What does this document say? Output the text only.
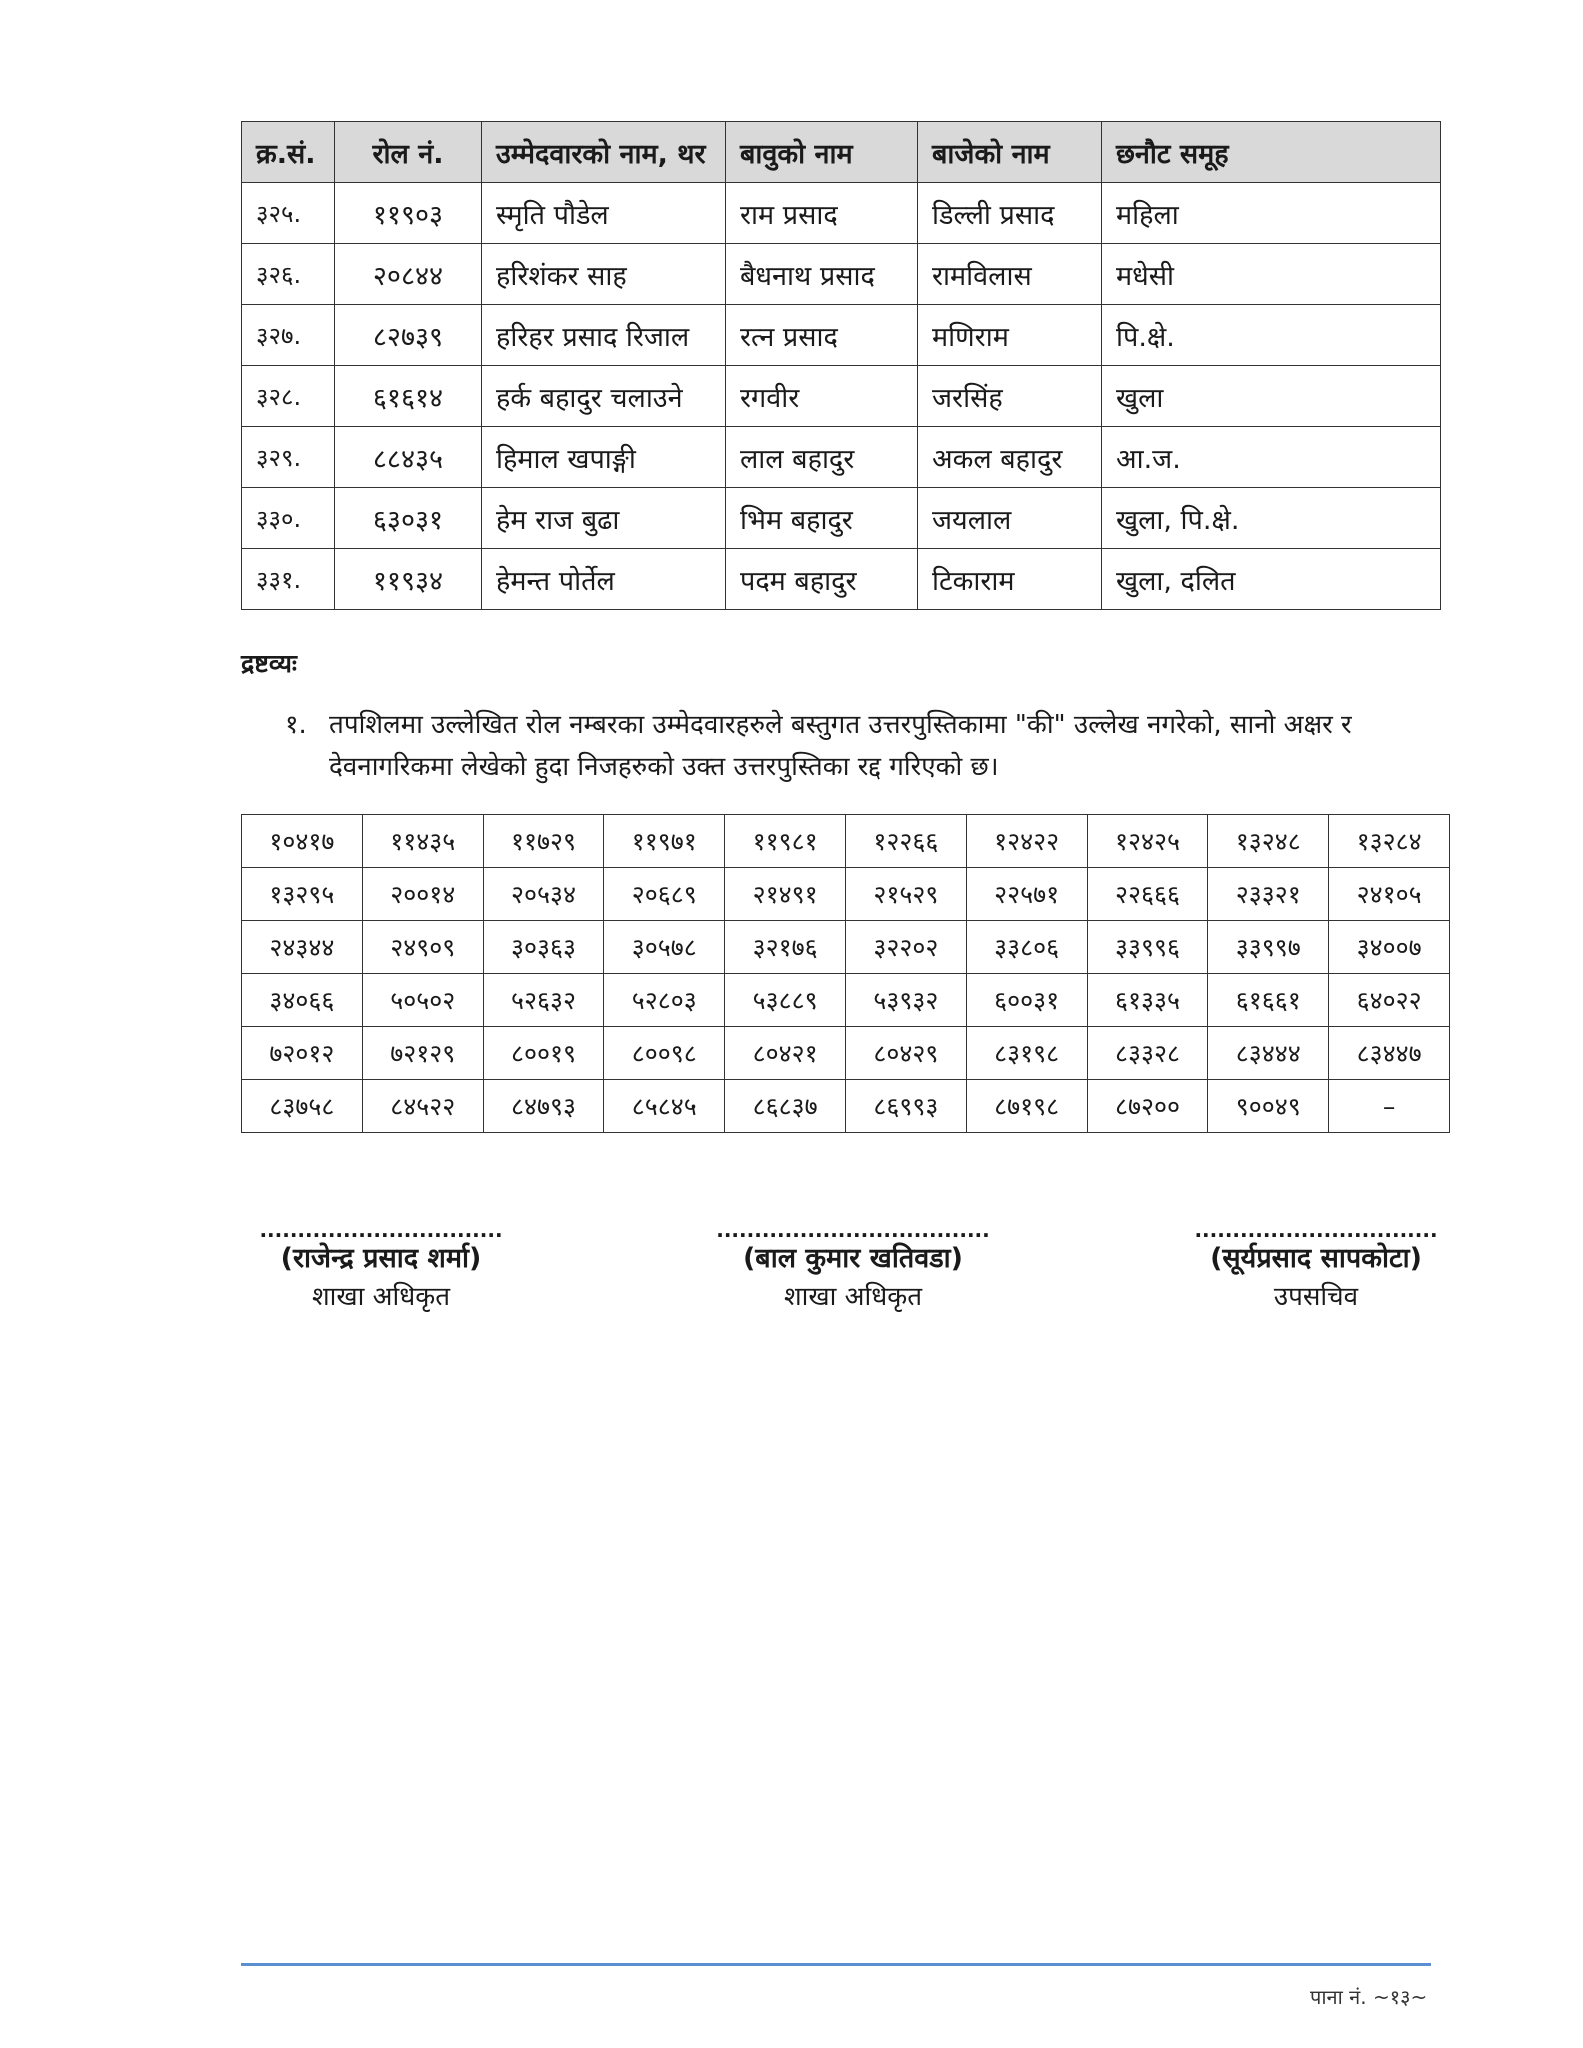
क्र.सं.	रोल नं.	उम्मेदवारको नाम, थर	बावुको नाम	बाजेको नाम	छनौट समूह
३२५.	११९०३	स्मृति पौडेल	राम प्रसाद	डिल्ली प्रसाद	महिला
३२६.	२०८४४	हरिशंकर साह	बैधनाथ प्रसाद	रामविलास	मधेसी
३२७.	८२७३९	हरिहर प्रसाद रिजाल	रत्न प्रसाद	मणिराम	पि.क्षे.
३२८.	६१६१४	हर्क बहादुर चलाउने	रगवीर	जरसिंह	खुला
३२९.	८८४३५	हिमाल खपाङ्गी	लाल बहादुर	अकल बहादुर	आ.ज.
३३०.	६३०३१	हेम राज बुढा	भिम बहादुर	जयलाल	खुला, पि.क्षे.
३३१.	११९३४	हेमन्त पोर्तेल	पदम बहादुर	टिकाराम	खुला, दलित
द्रष्टव्यः
१. तपशिलमा उल्लेखित रोल नम्बरका उम्मेदवारहरुले बस्तुगत उत्तरपुस्तिकामा "की" उल्लेख नगरेको, सानो अक्षर र देवनागरिकमा लेखेको हुदा निजहरुको उक्त उत्तरपुस्तिका रद्द गरिएको छ।
१०४१७	११४३५	११७२९	११९७१	११९८१	१२२६६	१२४२२	१२४२५	१३२४८	१३२८४
१३२९५	२००१४	२०५३४	२०६८९	२१४९१	२१५२९	२२५७१	२२६६६	२३३२१	२४१०५
२४३४४	२४९०९	३०३६३	३०५७८	३२१७६	३२२०२	३३८०६	३३९९६	३३९९७	३४००७
३४०६६	५०५०२	५२६३२	५२८०३	५३८८९	५३९३२	६००३१	६१३३५	६१६६१	६४०२२
७२०१२	७२१२९	८००१९	८००९८	८०४२१	८०४२९	८३१९८	८३३२८	८३४४४	८३४४७
८३७५८	८४५२२	८४७९३	८५८४५	८६८३७	८६९९३	८७१९८	८७२००	९००४९	–
................................
(राजेन्द्र प्रसाद शर्मा)
शाखा अधिकृत
....................................
(बाल कुमार खतिवडा)
शाखा अधिकृत
................................
(सूर्यप्रसाद सापकोटा)
उपसचिव
पाना नं. ~१३~
